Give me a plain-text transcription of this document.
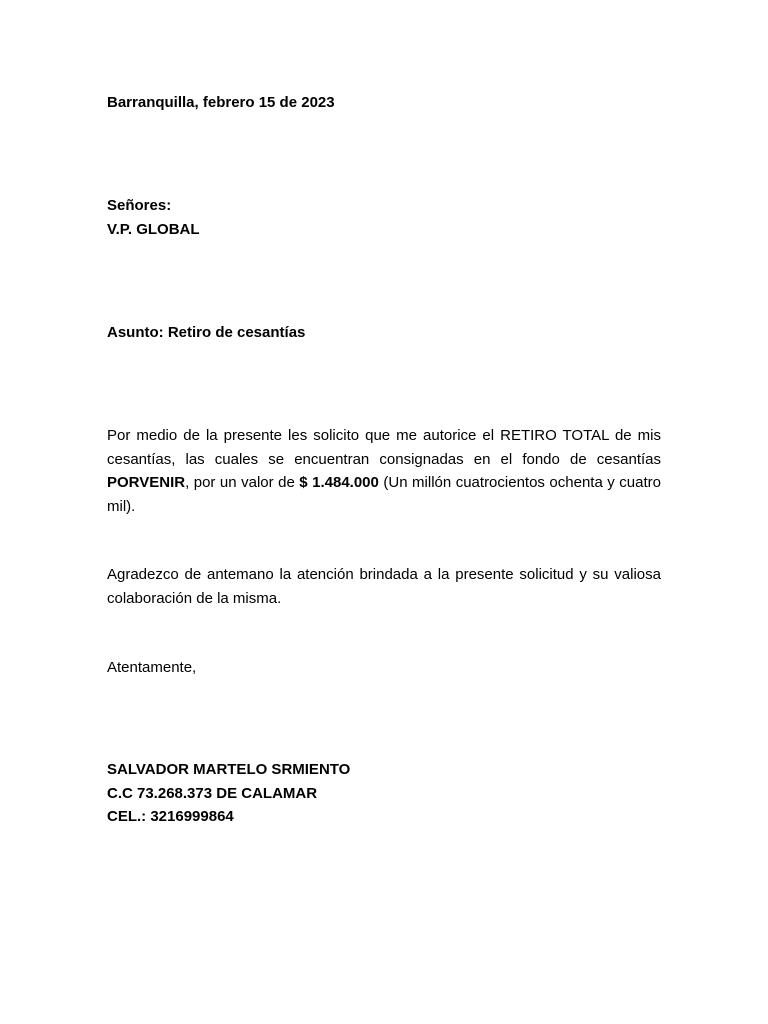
Barranquilla, febrero 15 de 2023

Señores:

V.P. GLOBAL

Asunto: Retiro de cesantías

Por medio de la presente les solicito que me autorice el RETIRO TOTAL de mis cesantías, las cuales se encuentran consignadas en el fondo de cesantías PORVENIR, por un valor de $ 1.484.000 (Un millón cuatrocientos ochenta y cuatro mil).

Agradezco de antemano la atención brindada a la presente solicitud y su valiosa colaboración de la misma.

Atentamente,

SALVADOR MARTELO SRMIENTO

C.C 73.268.373 DE CALAMAR

CEL.: 3216999864
